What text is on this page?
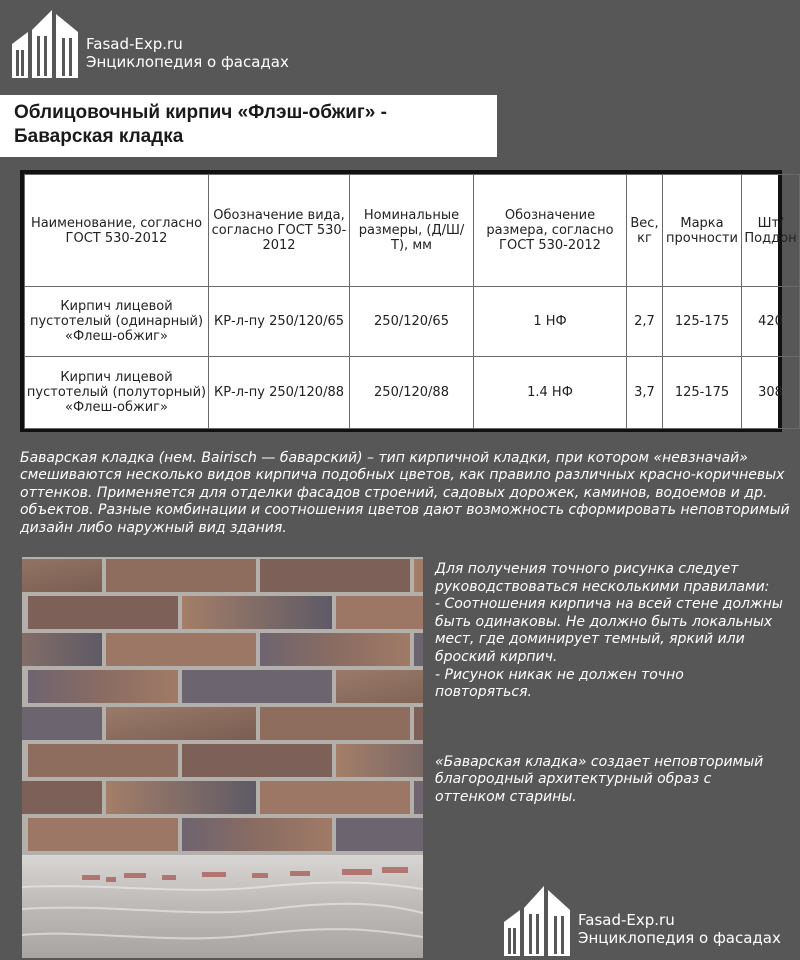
Fasad-Exp.ru
Энциклопедия о фасадах
Облицовочный кирпич «Флэш-обжиг» -
Баварская кладка
Наименование, согласно ГОСТ 530-2012	Обозначение вида, согласно ГОСТ 530-2012	Номинальные размеры, (Д/Ш/Т), мм	Обозначение размера, согласно ГОСТ 530-2012	Вес, кг	Марка прочности	Шт/Поддон
Кирпич лицевой пустотелый (одинарный) «Флеш-обжиг»	КР-л-пу 250/120/65	250/120/65	1 НФ	2,7	125-175	420
Кирпич лицевой пустотелый (полуторный) «Флеш-обжиг»	КР-л-пу 250/120/88	250/120/88	1.4 НФ	3,7	125-175	308

Баварская кладка (нем. Bairisch — баварский) – тип кирпичной кладки, при котором «невзначай» смешиваются несколько видов кирпича подобных цветов, как правило различных красно-коричневых оттенков. Применяется для отделки фасадов строений, садовых дорожек, каминов, водоемов и др. объектов. Разные комбинации и соотношения цветов дают возможность сформировать неповторимый дизайн либо наружный вид здания.

Для получения точного рисунка следует руководствоваться несколькими правилами:

- Соотношения кирпича на всей стене должны быть одинаковы. Не должно быть локальных мест, где доминирует темный, яркий или броский кирпич.

- Рисунок никак не должен точно повторяться.

«Баварская кладка» создает неповторимый благородный архитектурный образ с оттенком старины.

Fasad-Exp.ru
Энциклопедия о фасадах
